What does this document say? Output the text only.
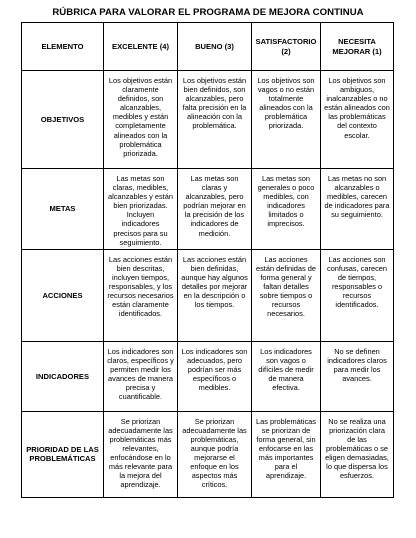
RÚBRICA PARA VALORAR EL PROGRAMA DE MEJORA CONTINUA
ELEMENTO	EXCELENTE (4)	BUENO (3)	SATISFACTORIO (2)	NECESITA MEJORAR (1)
OBJETIVOS	Los objetivos están claramente definidos, son alcanzables, medibles y están completamente alineados con la problemática priorizada.	Los objetivos están bien definidos, son alcanzables, pero falta precisión en la alineación con la problemática.	Los objetivos son vagos o no están totalmente alineados con la problemática priorizada.	Los objetivos son ambiguos, inalcanzables o no están alineados con las problemáticas del contexto escolar.
METAS	Las metas son claras, medibles, alcanzables y están bien priorizadas. Incluyen indicadores precisos para su seguimiento.	Las metas son claras y alcanzables, pero podrían mejorar en la precisión de los indicadores de medición.	Las metas son generales o poco medibles, con indicadores limitados o imprecisos.	Las metas no son alcanzables o medibles, carecen de indicadores para su seguimiento.
ACCIONES	Las acciones están bien descritas, incluyen tiempos, responsables, y los recursos necesarios están claramente identificados.	Las acciones están bien definidas, aunque hay algunos detalles por mejorar en la descripción o los tiempos.	Las acciones están definidas de forma general y faltan detalles sobre tiempos o recursos necesarios.	Las acciones son confusas, carecen de tiempos, responsables o recursos identificados.
INDICADORES	Los indicadores son claros, específicos y permiten medir los avances de manera precisa y cuantificable.	Los indicadores son adecuados, pero podrían ser más específicos o medibles.	Los indicadores son vagos o difíciles de medir de manera efectiva.	No se definen indicadores claros para medir los avances.
PRIORIDAD DE LAS PROBLEMÁTICAS	Se priorizan adecuadamente las problemáticas más relevantes, enfocándose en lo más relevante para la mejora del aprendizaje.	Se priorizan adecuadamente las problemáticas, aunque podría mejorarse el enfoque en los aspectos más críticos.	Las problemáticas se priorizan de forma general, sin enfocarse en las más importantes para el aprendizaje.	No se realiza una priorización clara de las problemáticas o se eligen demasiadas, lo que dispersa los esfuerzos.
